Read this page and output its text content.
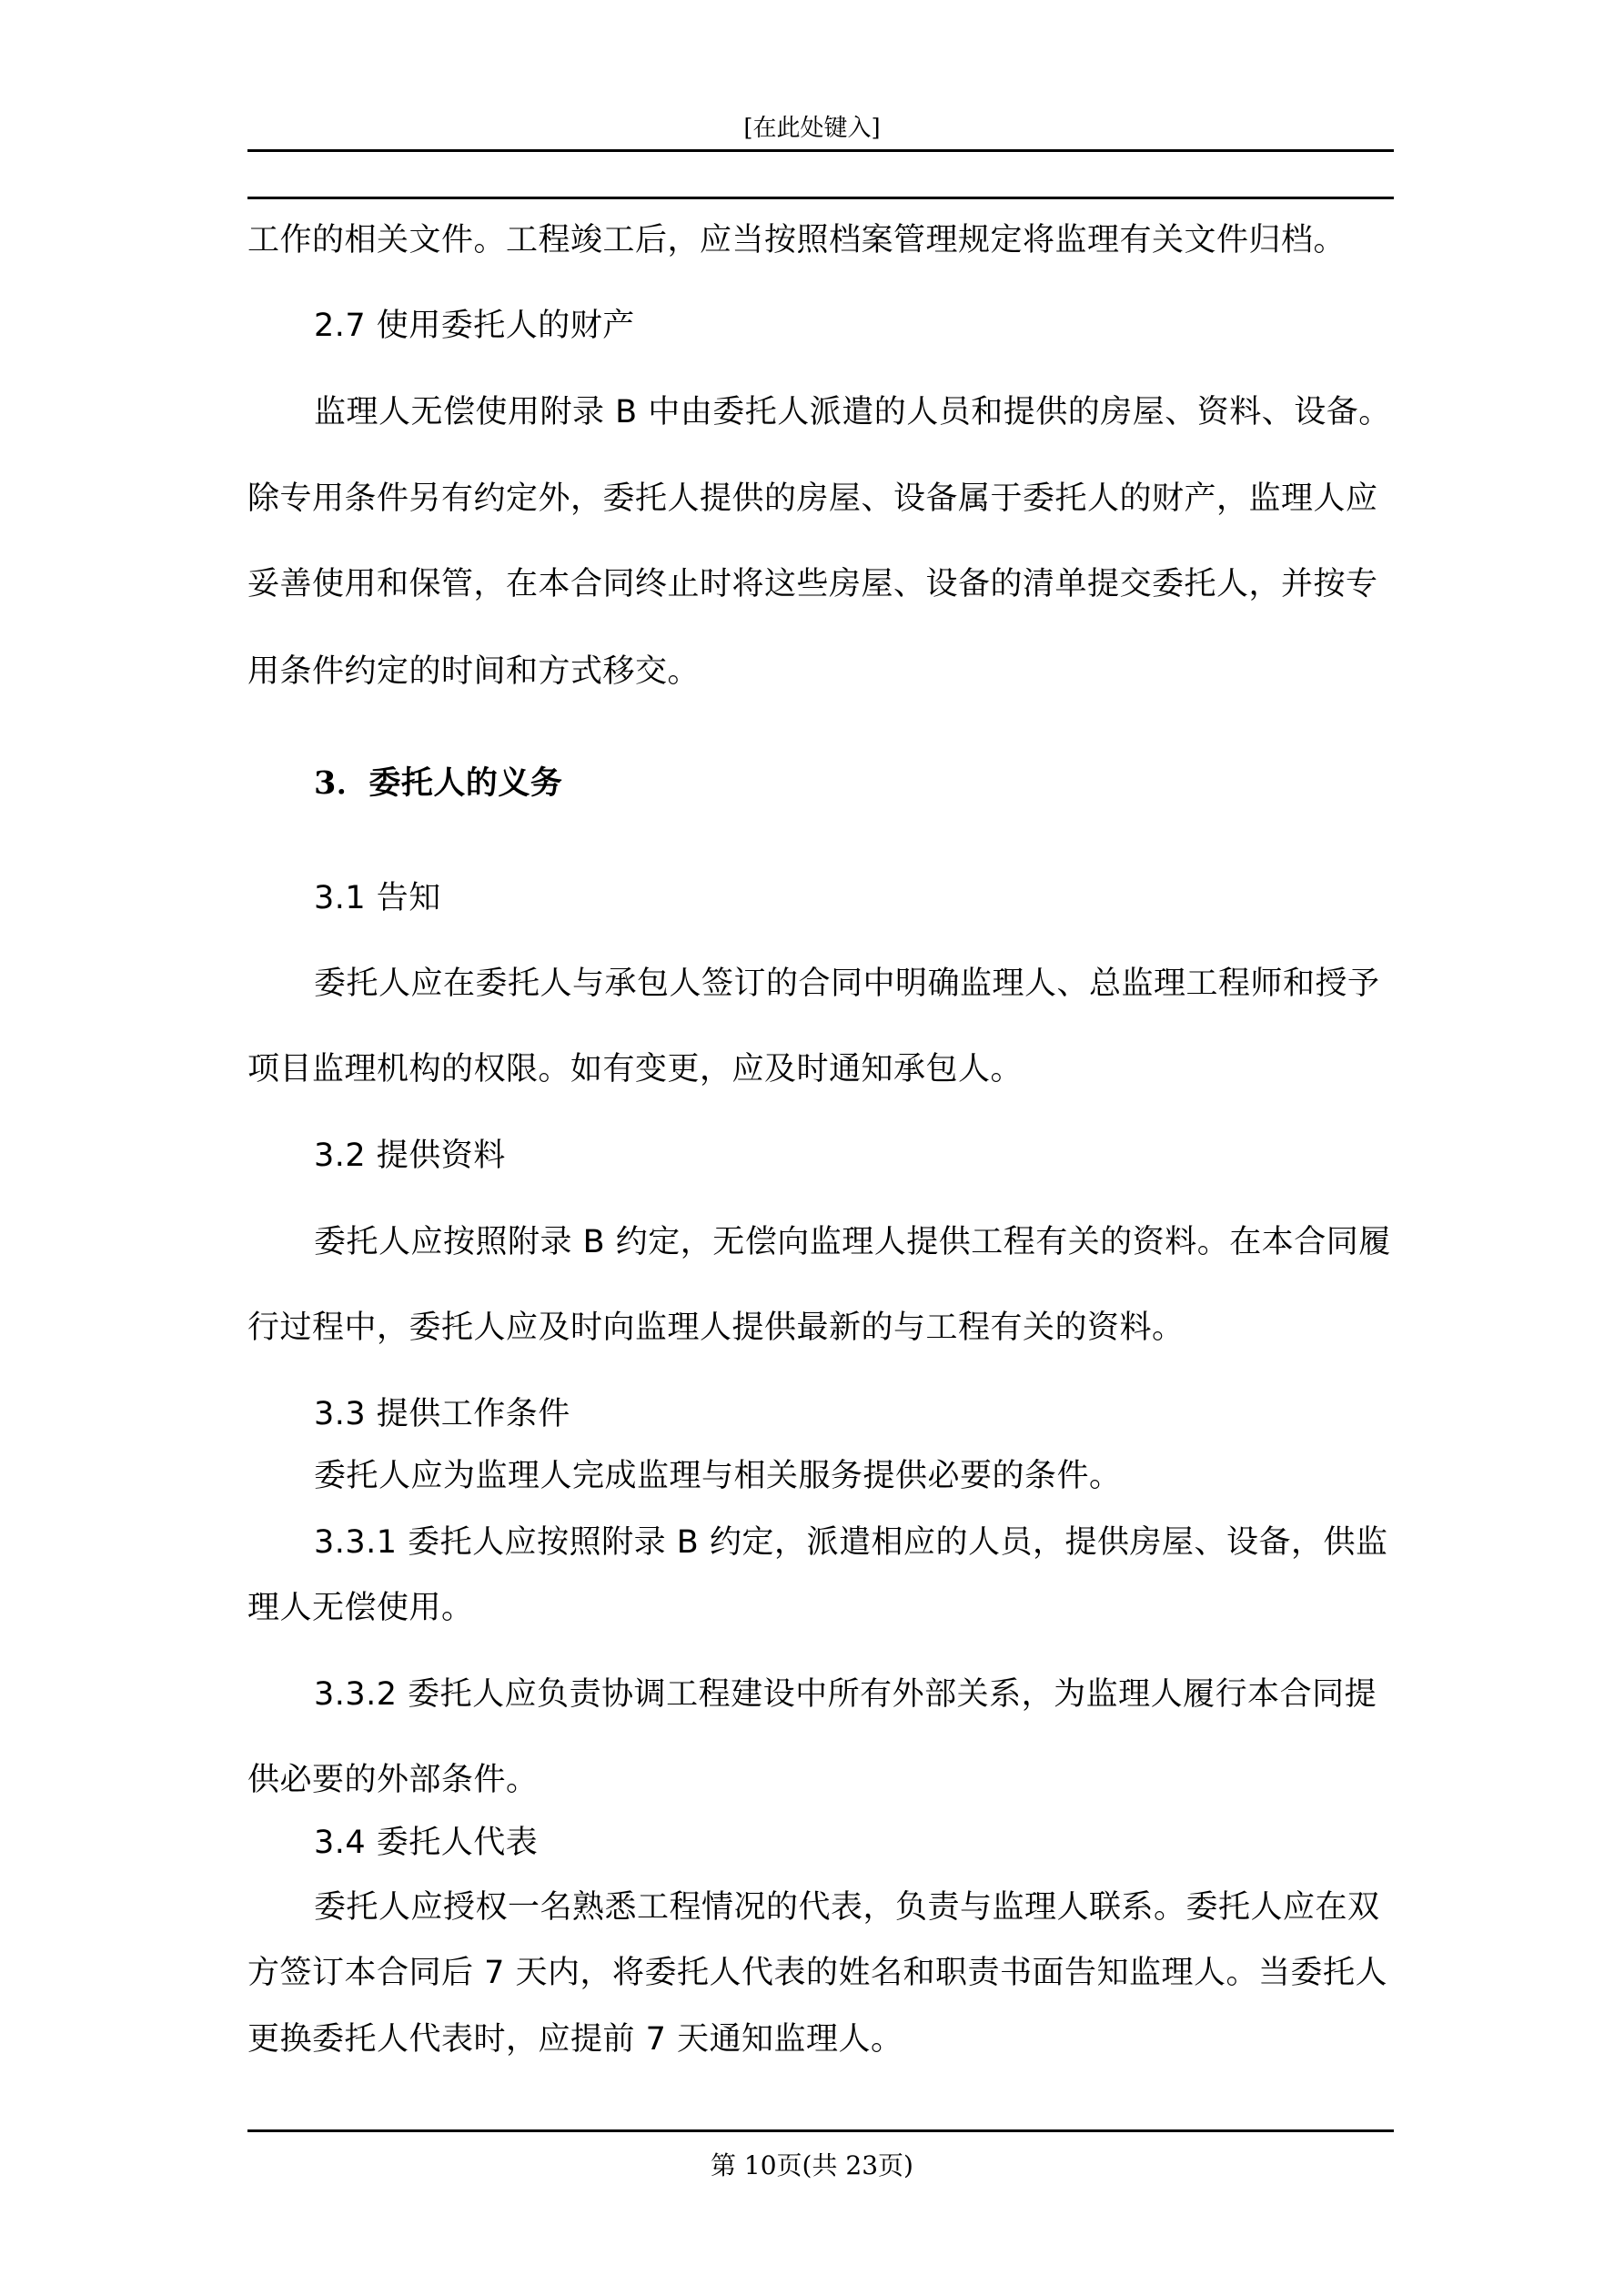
[在此处键入]
工作的相关文件。工程竣工后，应当按照档案管理规定将监理有关文件归档。
2.7 使用委托人的财产
监理人无偿使用附录 B 中由委托人派遣的人员和提供的房屋、资料、设备。
除专用条件另有约定外，委托人提供的房屋、设备属于委托人的财产，监理人应
妥善使用和保管，在本合同终止时将这些房屋、设备的清单提交委托人，并按专
用条件约定的时间和方式移交。
3．委托人的义务
3.1 告知
委托人应在委托人与承包人签订的合同中明确监理人、总监理工程师和授予
项目监理机构的权限。如有变更，应及时通知承包人。
3.2 提供资料
委托人应按照附录 B 约定，无偿向监理人提供工程有关的资料。在本合同履
行过程中，委托人应及时向监理人提供最新的与工程有关的资料。
3.3 提供工作条件
委托人应为监理人完成监理与相关服务提供必要的条件。
3.3.1 委托人应按照附录 B 约定，派遣相应的人员，提供房屋、设备，供监
理人无偿使用。
3.3.2 委托人应负责协调工程建设中所有外部关系，为监理人履行本合同提
供必要的外部条件。
3.4 委托人代表
委托人应授权一名熟悉工程情况的代表，负责与监理人联系。委托人应在双
方签订本合同后 7 天内，将委托人代表的姓名和职责书面告知监理人。当委托人
更换委托人代表时，应提前 7 天通知监理人。
第 10页(共 23页)
